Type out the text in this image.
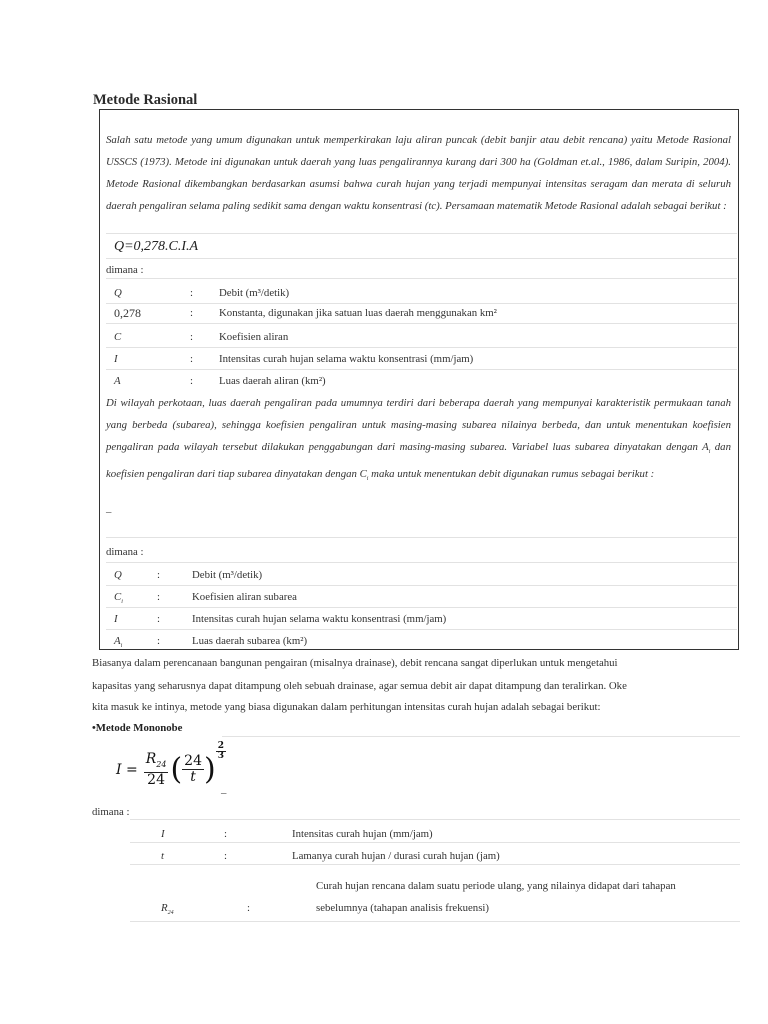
Metode Rasional
Salah satu metode yang umum digunakan untuk memperkirakan laju aliran puncak (debit banjir atau debit rencana) yaitu Metode Rasional USSCS (1973). Metode ini digunakan untuk daerah yang luas pengalirannya kurang dari 300 ha (Goldman et.al., 1986, dalam Suripin, 2004). Metode Rasional dikembangkan berdasarkan asumsi bahwa curah hujan yang terjadi mempunyai intensitas seragam dan merata di seluruh daerah pengaliran selama paling sedikit sama dengan waktu konsentrasi (tc). Persamaan matematik Metode Rasional adalah sebagai berikut :
Q=0,278.C.I.A
dimana :
Q	: Debit (m³/detik)
0,278	: Konstanta, digunakan jika satuan luas daerah menggunakan km²
C	: Koefisien aliran
I	: Intensitas curah hujan selama waktu konsentrasi (mm/jam)
A	: Luas daerah aliran (km²)
Di wilayah perkotaan, luas daerah pengaliran pada umumnya terdiri dari beberapa daerah yang mempunyai karakteristik permukaan tanah yang berbeda (subarea), sehingga koefisien pengaliran untuk masing-masing subarea nilainya berbeda, dan untuk menentukan koefisien pengaliran pada wilayah tersebut dilakukan penggabungan dari masing-masing subarea. Variabel luas subarea dinyatakan dengan $A_i$ dan koefisien pengaliran dari tiap subarea dinyatakan dengan $C_i$ maka untuk menentukan debit digunakan rumus sebagai berikut :
–
dimana :
Q	:	Debit (m³/detik)
$C_i$	:	Koefisien aliran subarea
I	:	Intensitas curah hujan selama waktu konsentrasi (mm/jam)
$A_i$	:	Luas daerah subarea (km²)
Biasanya dalam perencanaan bangunan pengairan (misalnya drainase), debit rencana sangat diperlukan untuk mengetahui
kapasitas yang seharusnya dapat ditampung oleh sebuah drainase, agar semua debit air dapat ditampung dan teralirkan. Oke
kita masuk ke intinya, metode yang biasa digunakan dalam perhitungan intensitas curah hujan adalah sebagai berikut:
•Metode Mononobe
$I = \frac{R_{24}}{24}$ ( $\frac{24}{t}$ )
$\frac{2}{3}$
–
dimana :
I	:	Intensitas curah hujan (mm/jam)
t	:	Lamanya curah hujan / durasi curah hujan (jam)
$R_{24}$	:
Curah hujan rencana dalam suatu periode ulang, yang nilainya didapat dari tahapan
sebelumnya (tahapan analisis frekuensi)
